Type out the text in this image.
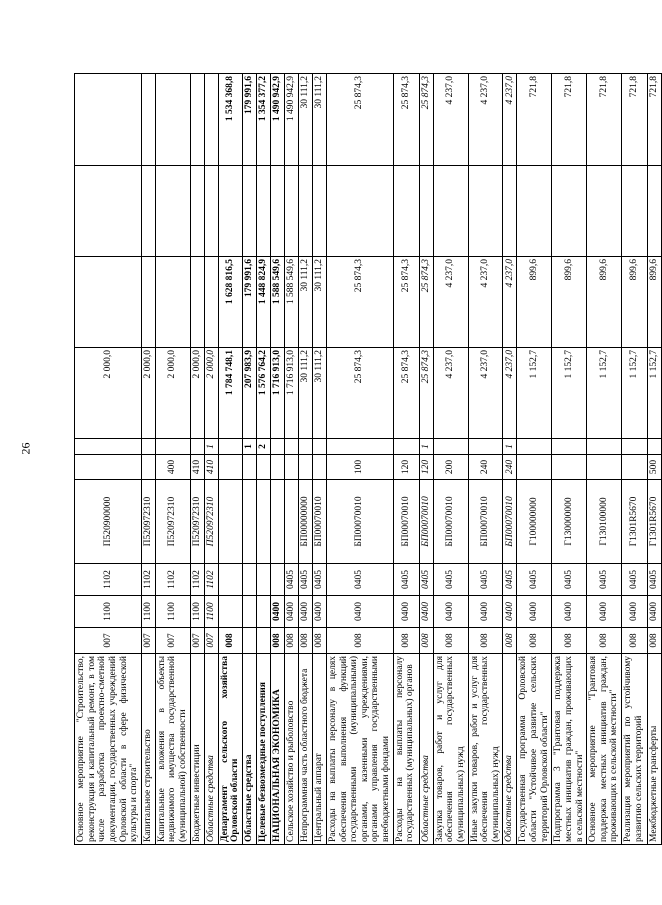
26
Основное мероприятие "Строительство, реконструкция и капитальный ремонт, в том числе разработка проектно-сметной документации, государственных учреждений Орловской области в сфере физической культуры и спорта"	007	1100	1102	П520900000			2 000,0			
Капитальное строительство	007	1100	1102	П520972310			2 000,0			
Капитальные вложения в объекты недвижимого имущества государственной (муниципальной) собственности	007	1100	1102	П520972310	400		2 000,0			
Бюджетные инвестиции	007	1100	1102	П520972310	410		2 000,0			
Областные средства	007	1100	1102	П520972310	410	1	2 000,0			
Департамент сельского хозяйства Орловской области	008						1 784 748,1	1 628 816,5		1 534 368,8
Областные средства						1	207 983,9	179 991,6		179 991,6
Целевые безвозмездные поступления						2	1 576 764,2	1 448 824,9		1 354 377,2
НАЦИОНАЛЬНАЯ ЭКОНОМИКА	008	0400					1 716 913,0	1 588 549,6		1 490 942,9
Сельское хозяйство и рыболовство	008	0400	0405				1 716 913,0	1 588 549,6		1 490 942,9
Непрограммная часть областного бюджета	008	0400	0405	БП00000000			30 111,2	30 111,2		30 111,2
Центральный аппарат	008	0400	0405	БП00070010			30 111,2	30 111,2		30 111,2
Расходы на выплаты персоналу в целях обеспечения выполнения функций государственными (муниципальными) органами, казенными учреждениями, органами управления государственными внебюджетными фондами	008	0400	0405	БП00070010	100		25 874,3	25 874,3		25 874,3
Расходы на выплаты персоналу государственных (муниципальных) органов	008	0400	0405	БП00070010	120		25 874,3	25 874,3		25 874,3
Областные средства	008	0400	0405	БП00070010	120	1	25 874,3	25 874,3		25 874,3
Закупка товаров, работ и услуг для обеспечения государственных (муниципальных) нужд	008	0400	0405	БП00070010	200		4 237,0	4 237,0		4 237,0
Иные закупки товаров, работ и услуг для обеспечения государственных (муниципальных) нужд	008	0400	0405	БП00070010	240		4 237,0	4 237,0		4 237,0
Областные средства	008	0400	0405	БП00070010	240	1	4 237,0	4 237,0		4 237,0
Государственная программа Орловской области "Устойчивое развитие сельских территорий Орловской области"	008	0400	0405	Г100000000			1 152,7	899,6		721,8
Подпрограмма 3 "Грантовая поддержка местных инициатив граждан, проживающих в сельской местности"	008	0400	0405	Г130000000			1 152,7	899,6		721,8
Основное мероприятие "Грантовая поддержка местных инициатив граждан, проживающих в сельской местности"	008	0400	0405	Г130100000			1 152,7	899,6		721,8
Реализация мероприятий по устойчивому развитию сельских территорий	008	0400	0405	Г1301R5670			1 152,7	899,6		721,8
Межбюджетные трансферты	008	0400	0405	Г1301R5670	500		1 152,7	899,6		721,8
